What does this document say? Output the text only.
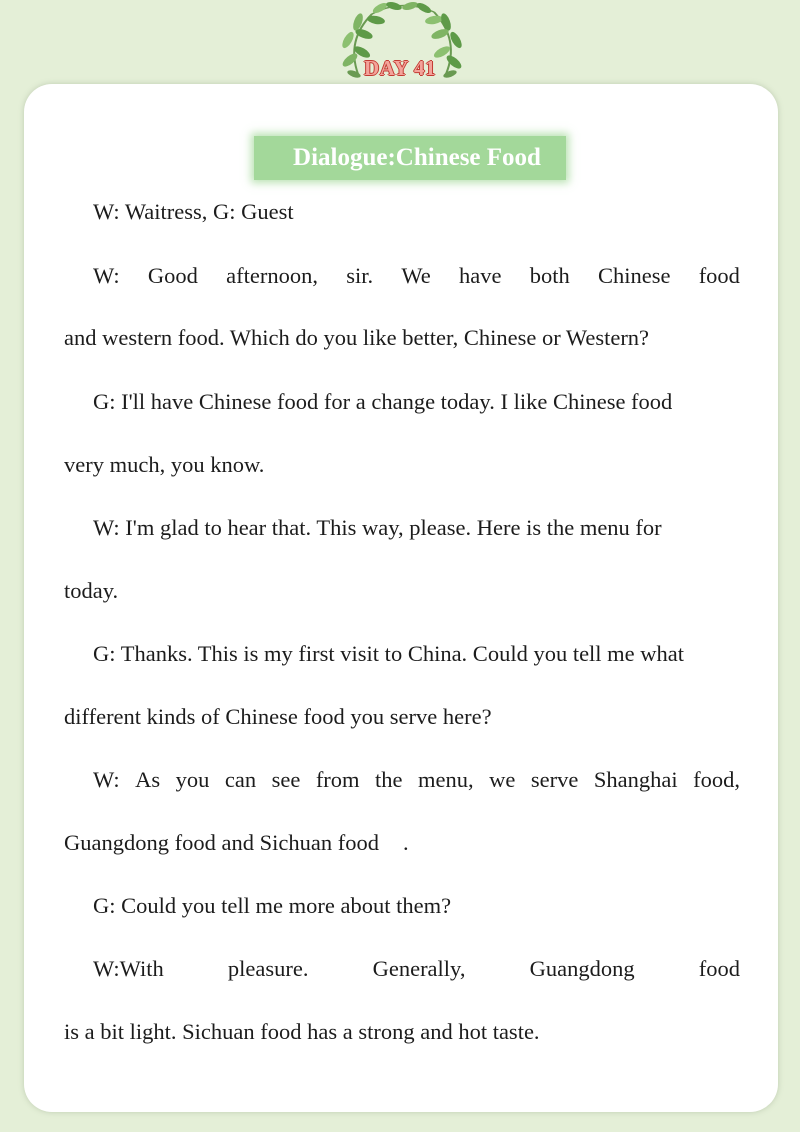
DAY 41
Dialogue:Chinese Food
W: Waitress, G: Guest
W: Good afternoon, sir. We have both Chinese food
and western food. Which do you like better, Chinese or Western?
G: I'll have Chinese food for a change today. I like Chinese food
very much, you know.
W: I'm glad to hear that. This way, please. Here is the menu for
today.
G: Thanks. This is my first visit to China. Could you tell me what
different kinds of Chinese food you serve here?
W: As you can see from the menu, we serve Shanghai food,
Guangdong food and Sichuan food .
G: Could you tell me more about them?
W:With	pleasure.	Generally,	Guangdong	food
is a bit light. Sichuan food has a strong and hot taste.
